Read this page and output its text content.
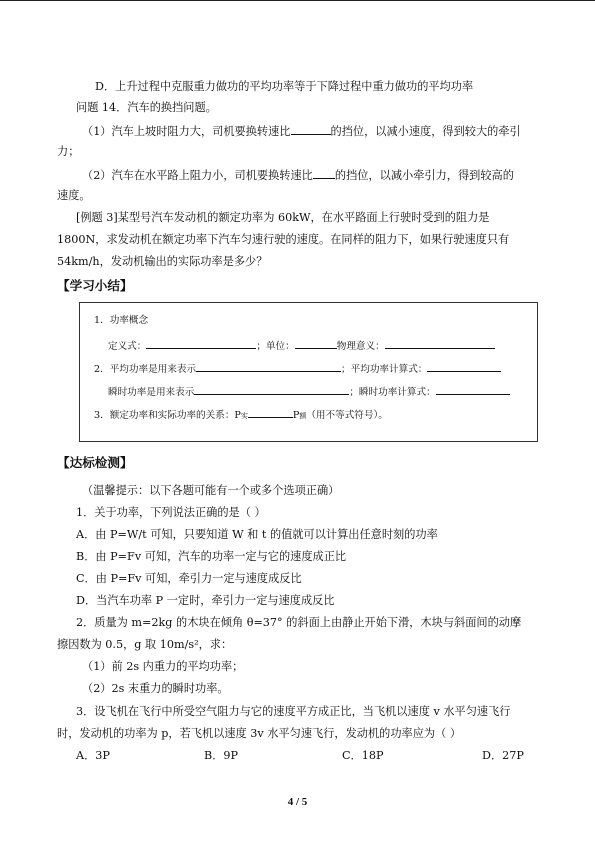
D．上升过程中克服重力做功的平均功率等于下降过程中重力做功的平均功率
问题 14．汽车的换挡问题。
（1）汽车上坡时阻力大，司机要换转速比	的挡位，以减小速度，得到较大的牵引
力；
（2）汽车在水平路上阻力小，司机要换转速比 的挡位，以减小牵引力，得到较高的
速度。
[例题 3]某型号汽车发动机的额定功率为 60kW，在水平路面上行驶时受到的阻力是
1800N，求发动机在额定功率下汽车匀速行驶的速度。在同样的阻力下，如果行驶速度只有
54km/h，发动机输出的实际功率是多少？
【学习小结】
1．功率概念
定义式：	；单位：	物理意义：
2．平均功率是用来表示	；平均功率计算式：
瞬时功率是用来表示	；瞬时功率计算式：
3．额定功率和实际功率的关系：P实	P额（用不等式符号）。
【达标检测】
（温馨提示：以下各题可能有一个或多个选项正确）
1．关于功率，下列说法正确的是（ ）
A．由 P=W/t 可知，只要知道 W 和 t 的值就可以计算出任意时刻的功率
B．由 P=Fv 可知，汽车的功率一定与它的速度成正比
C．由 P=Fv 可知，牵引力一定与速度成反比
D．当汽车功率 P 一定时，牵引力一定与速度成反比
2．质量为 m=2kg 的木块在倾角 θ=37° 的斜面上由静止开始下滑，木块与斜面间的动摩
擦因数为 0.5，g 取 10m/s²，求：
（1）前 2s 内重力的平均功率；
（2）2s 末重力的瞬时功率。
3．设飞机在飞行中所受空气阻力与它的速度平方成正比，当飞机以速度 v 水平匀速飞行
时，发动机的功率为 p，若飞机以速度 3v 水平匀速飞行，发动机的功率应为（ ）
A．3P	B．9P	C．18P	D．27P
4 / 5
